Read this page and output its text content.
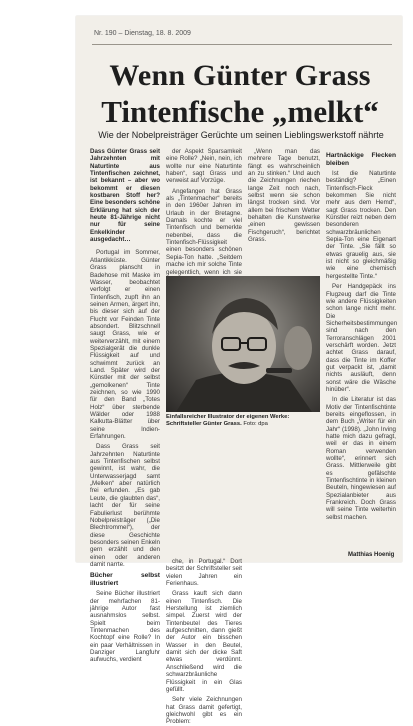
Nr. 190 – Dienstag, 18. 8. 2009
Wenn Günter Grass
Tintenfische „melkt“
Wie der Nobelpreisträger Gerüchte um seinen Lieblingswerkstoff nährte
Dass Günter Grass seit Jahrzehnten mit Naturtinte aus Tintenfischen zeichnet, ist bekannt – aber wo bekommt er diesen kostbaren Stoff her? Eine besonders schöne Erklärung hat sich der heute 81-Jährige nicht nur für seine Enkelkinder ausgedacht…

Portugal im Sommer, Atlantikküste. Günter Grass planscht in Badehose mit Maske im Wasser, beobachtet verfolgt er einen Tintenfisch, zupft ihn an seinen Armen, ärgert ihn, bis dieser sich auf der Flucht vor Feinden Tinte absondert. Blitzschnell saugt Grass, wie er weiterverzählt, mit einem Spezialgerät die dunkle Flüssigkeit auf und schwimmt zurück an Land. Später wird der Künstler mit der selbst „gemolkenen“ Tinte zeichnen, so wie 1990 für den Band „Totes Holz“ über sterbende Wälder oder 1988 Kalkutta-Blätter über seine Indien-Erfahrungen.

Dass Grass seit Jahrzehnten Naturtinte aus Tintenfischen selbst gewinnt, ist wahr, die Unterwasserjagd samt „Melken“ aber natürlich frei erfunden. „Es gab Leute, die glaubten das“, lacht der für seine Fabulierlust berühmte Nobelpreisträger („Die Blechtrommel“), der diese Geschichte besonders seinen Enkeln gern erzählt und den einen oder anderen damit narrte.

Bücher selbst illustriert

Seine Bücher illustriert der mehrfachen 81-jährige Autor fast ausnahmslos selbst. Spielt beim Tintenmachen des Kochtopf eine Rolle? In ein paar Verhältnissen in Danziger Langfuhr aufwuchs, verdient

der Aspekt Sparsamkeit eine Rolle? „Nein, nein, ich wollte nur eine Naturtinte haben“, sagt Grass und verweist auf Vorzüge.

Angefangen hat Grass als „Tintenmacher“ bereits in den 1960er Jahren im Urlaub in der Bretagne. Damals kochte er viel Tintenfisch und bemerkte nebenbei, dass die Tintenfisch-Flüssigkeit einen besonders schönen Sepia-Ton hatte. „Seitdem mache ich mir solche Tinte gelegentlich, wenn ich sie

„Wenn man das mehrere Tage benutzt, fängt es wahrscheinlich an zu stinken.“ Und auch die Zeichnungen riechen lange Zeit noch nach, selbst wenn sie schon längst trocken sind. Vor allem bei frischem Wetter behalten die Kunstwerke „einen gewissen Fischgeruch“, berichtet Grass.

Hartnäckige Flecken bleiben

Ist die Naturtinte beständig? „Einen Tintenfisch-Fleck bekommen Sie nicht mehr aus dem Hemd“, sagt Grass trocken. Den Künstler reizt neben dem besonderen schwarzbräunlichen Sepia-Ton eine Eigenart der Tinte. „Sie fällt so etwas grauelig aus, sie ist nicht so gleichmäßig wie eine chemisch hergestellte Tinte.“

Per Handgepäck ins Flugzeug darf die Tinte wie andere Flüssigkeiten schon lange nicht mehr. Die Sicherheitsbestimmungen sind nach den Terroranschlägen 2001 verschärft worden. Jetzt achtet Grass darauf, dass die Tinte im Koffer gut verpackt ist, „damit nichts ausläuft, denn sonst wäre die Wäsche hinüber“.

In die Literatur ist das Motiv der Tintenfischtinte bereits eingeflossen, in dem Buch „Writer für ein Jahr“ (1998). „John Irving hatte mich dazu gefragt, weil er das in einem Roman verwenden wollte“, erinnert sich Grass. Mittlerweile gibt es gefälschte Tintenfischtinte in kleinen Beuteln, hingewiesen auf Spezialanbieter aus Frankreich. Doch Grass will seine Tinte weiterhin selbst machen.

che, in Portugal.“ Dort besitzt der Schriftsteller seit vielen Jahren ein Ferienhaus.

Grass kauft sich dann einen Tintenfisch. Die Herstellung ist ziemlich simpel. Zuerst wird der Tintenbeutel des Tieres aufgeschnitten, dann gießt der Autor ein bisschen Wasser in den Beutel, damit sich der dicke Saft etwas verdünnt. Anschließend wird die schwarzbräunliche Flüssigkeit in ein Glas gefüllt.

Sehr viele Zeichnungen hat Grass damit gefertigt, gleichwohl gibt es ein Problem:

Einfallsreicher Illustrator der eigenen Werke: Schriftsteller Günter Grass. Foto: dpa
Matthias Hoenig
